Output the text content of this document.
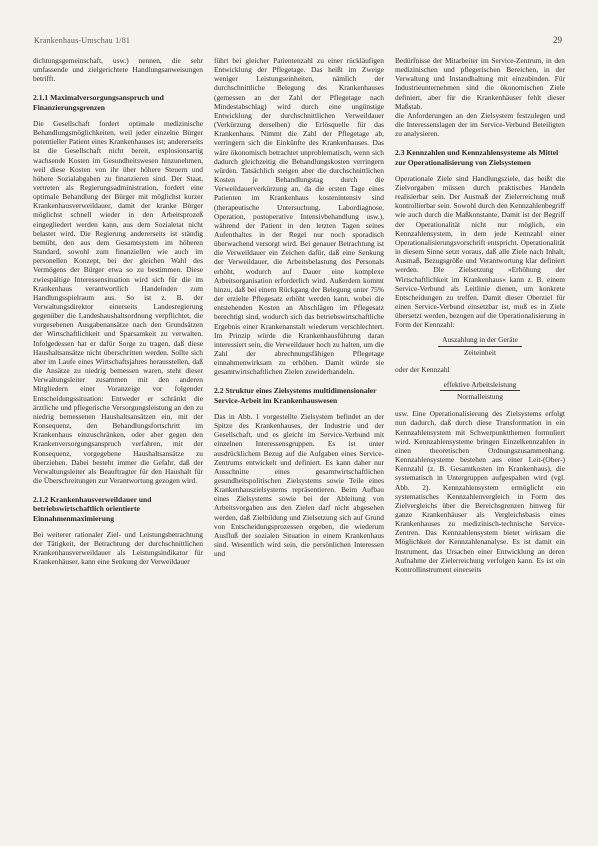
Krankenhaus-Umschau 1/81	29

dichtungsgemeinschaft, usw.) nennen, die sehr umfassende und zielgerichtete Handlungsanweisungen betrifft.

2.1.1 Maximalversorgungsanspruch und Finanzierungsgrenzen

Die Gesellschaft fordert optimale medizinische Behandlungsmöglichkeiten, weil jeder einzelne Bürger potentieller Patient eines Krankenhauses ist; andererseits ist die Gesellschaft nicht bereit, explosionsartig wachsende Kosten im Gesundheitswesen hinzunehmen, weil diese Kosten von ihr über höhere Steuern und höhere Sozialabgaben zu finanzieren sind. Der Staat, vertreten als Regierungsadministration, fordert eine optimale Behandlung der Bürger mit möglichst kurzer Krankenhausverweildauer, damit der kranke Bürger möglichst schnell wieder in den Arbeitsprozeß eingegliedert werden kann, aus dem Sozialetat nicht belastet wird. Die Regierung andererseits ist ständig bemüht, den aus dem Gesamtsystem im höheren Standard, sowohl zum finanziellen wie auch im personellen Konzept, bei der gleichen Wahl des Vermögens der Bürger etwa so zu bestimmen. Diese zwiespältige Interessensituation wird sich für die im Krankenhaus verantwortlich Handelnden zum Handlungsspielraum aus. So ist z. B. der Verwaltungsdirektor einerseits Landesregierung gegenüber die Landeshaushaltsordnung verpflichtet, die vorgesehenen Ausgabenansätze nach den Grundsätzen der Wirtschaftlichkeit und Sparsamkeit zu verwalten. Infolgedessen hat er dafür Sorge zu tragen, daß diese Haushaltsansätze nicht überschritten werden. Sollte sich aber im Laufe eines Wirtschaftsjahres herausstellen, daß die Ansätze zu niedrig bemessen waren, steht dieser Verwaltungsleiter zusammen mit den anderen Mitgliedern einer Voranzeige vor folgender Entscheidungssituation: Entweder er schränkt die ärztliche und pflegerische Versorgungsleistung an den zu niedrig bemessenen Haushaltsansätzen ein, mit der Konsequenz, den Behandlungsfortschritt im Krankenhaus einzuschränken, oder aber gegen den Krankenversorgungsanspruch verfahren, mit der Konsequenz, vorgegebene Haushaltsansätze zu überziehen. Dabei besteht immer die Gefahr, daß der Verwaltungsleiter als Beauftragter für den Haushalt für die Überschreitungen zur Verantwortung gezogen wird.

2.1.2 Krankenhausverweildauer und betriebswirtschaftlich orientierte Einnahmenmaximierung

Bei weiterer rationaler Ziel- und Leistungsbetrachtung der Tätigkeit, der Betrachtung der durchschnittlichen Krankenhausverweildauer als Leistungsindikator für Krankenhäuser, kann eine Senkung der Verweildauer

führt bei gleicher Patientenzahl zu einer rückläufigen Entwicklung der Pflegetage. Das heißt im Zweige weniger Leistungseinheiten, nämlich der durchschnittliche Belegung des Krankenhauses (gemessen an der Zahl der Pflegetage nach Mindestabschlag) wird durch eine ungünstige Entwicklung der durchschnittlichen Verweildauer (Verkürzung derselben) die Erlösquelle für das Krankenhaus. Nimmt die Zahl der Pflegetage ab, verringern sich die Einkünfte des Krankenhauses. Das wäre ökonomisch betrachtet unproblematisch, wenn sich dadurch gleichzeitig die Behandlungskosten verringern würden. Tatsächlich steigen aber die durchschnittlichen Kosten je Behandlungstag durch die Verweildauerverkürzung an, da die ersten Tage eines Patienten im Krankenhaus kostenintensiv sind (therapeutische Untersuchung, Labordiagnose, Operation, postoperative Intensivbehandlung usw.), während der Patient in den letzten Tagen seines Aufenthaltes in der Regel nur noch sporadisch überwachend versorgt wird. Bei genauer Betrachtung ist die Verweildauer ein Zeichen dafür, daß eine Senkung der Verweildauer, die Arbeitsbelastung des Personals erhöht, wodurch auf Dauer eine komplexe Arbeitsorganisation erforderlich wird. Außerdem kommt hinzu, daß bei einem Rückgang der Belegung unter 75% der erzielte Pflegesatz erhöht werden kann, wobei die entstehenden Kosten an Abschlägen im Pflegesatz berechtigt sind, wodurch sich das betriebswirtschaftliche Ergebnis einer Krankenanstalt wiederum verschlechtert. Im Prinzip würde die Krankenhausführung daran interessiert sein, die Verweildauer hoch zu halten, um die Zahl der abrechnungsfähigen Pflegetage einnahmenwirksam zu erhöhen. Damit würde sie gesamtwirtschaftlichen Zielen zuwiderhandeln.

2.2 Struktur eines Zielsystems multidimensionaler Service-Arbeit im Krankenhauswesen

Das in Abb. 1 vorgestellte Zielsystem befindet an der Spitze des Krankenhauses, der Industrie und der Gesellschaft, und es gleicht im Service-Verbund mit einzelnen Interessensgruppen. Es ist unter ausdrücklichem Bezug auf die Aufgaben eines Service-Zentrums entwickelt und definiert. Es kann daher nur Ausschnitte eines gesamtwirtschaftlichen gesundheitspolitischen Zielsystems sowie Teile eines Krankenhauszielsystems repräsentieren. Beim Aufbau eines Zielsystems sowie bei der Ableitung von Arbeitsvorgaben aus den Zielen darf nicht abgesehen werden, daß Zielbildung und Zielsetzung sich auf Grund von Entscheidungsprozessen ergeben, die wiederum Ausfluß der sozialen Situation in einem Krankenhaus sind. Wesentlich wird sein, die persönlichen Interessen und

Bedürfnisse der Mitarbeiter im Service-Zentrum, in den medizinischen und pflegerischen Bereichen, in der Verwaltung und Instandhaltung mit einzubinden. Für Industrieunternehmen sind die ökonomischen Ziele definiert, aber für die Krankenhäuser fehlt dieser Maßstab.

die Anforderungen an den Zielsystem festzulegen und die Interessenslagen der im Service-Verbund Beteiligten zu analysieren.

2.3 Kennzahlen und Kennzahlensysteme als Mittel zur Operationalisierung von Zielsystemen

Operationale Ziele sind Handlungsziele, das heißt die Zielvorgaben müssen durch praktisches Handeln realisierbar sein. Der Ausmaß der Zielerreichung muß kontrollierbar sein. Sowohl durch den Kennzahlenbegriff wie auch durch die Maßkonstante, Damit ist der Begriff der Operationalität nicht nur möglich, ein Kennzahlensystem, in dem jede Kennzahl einer Operationalisierungsvorschrift entspricht. Operationalität in diesem Sinne setzt voraus, daß alle Ziele nach Inhalt, Ausmaß, Bezugsgröße und Verantwortung klar definiert werden. Die Zielsetzung »Erhöhung der Wirtschaftlichkeit im Krankenhaus« kann z. B. einem Service-Verbund als Leitlinie dienen, um konkrete Entscheidungen zu treffen. Damit dieser Oberziel für einen Service-Verbund einsetzbar ist, muß es in Ziele übersetzt werden, bezogen auf die Operationalisierung in Form der Kennzahl:

Auszahlung in der Geräte
Zeiteinheit

oder der Kennzahl

effektive Arbeitsleistung
Normalleistung

usw. Eine Operationalisierung des Zielsystems erfolgt nun dadurch, daß durch diese Transformation in ein Kennzahlensystem mit Schwerpunktthemen formuliert wird. Kennzahlensysteme bringen Einzelkennzahlen in einen theoretischen Ordnungszusammenhang. Kennzahlensysteme bestehen aus einer Leit-(Ober-) Kennzahl (z. B. Gesamtkosten im Krankenhaus), die systematisch in Untergruppen aufgespalten wird (vgl. Abb. 2). Kennzahlensystem ermöglicht ein systematisches Kennzahlenvergleich in Form des Zielvergleichs über die Bereichsgrenzen hinweg für ganze Krankenhäuser als Vergleichsbasis eines Krankenhauses zu medizinisch-technische Service-Zentren. Das Kennzahlensystem bietet wirksam die Möglichkeit der Kennzahlenanalyse. Es ist damit ein Instrument, das Ursachen einer Entwicklung an deren Aufnahme der Zielerreichung verfolgen kann. Es ist ein Kontrollinstrument einerseits
